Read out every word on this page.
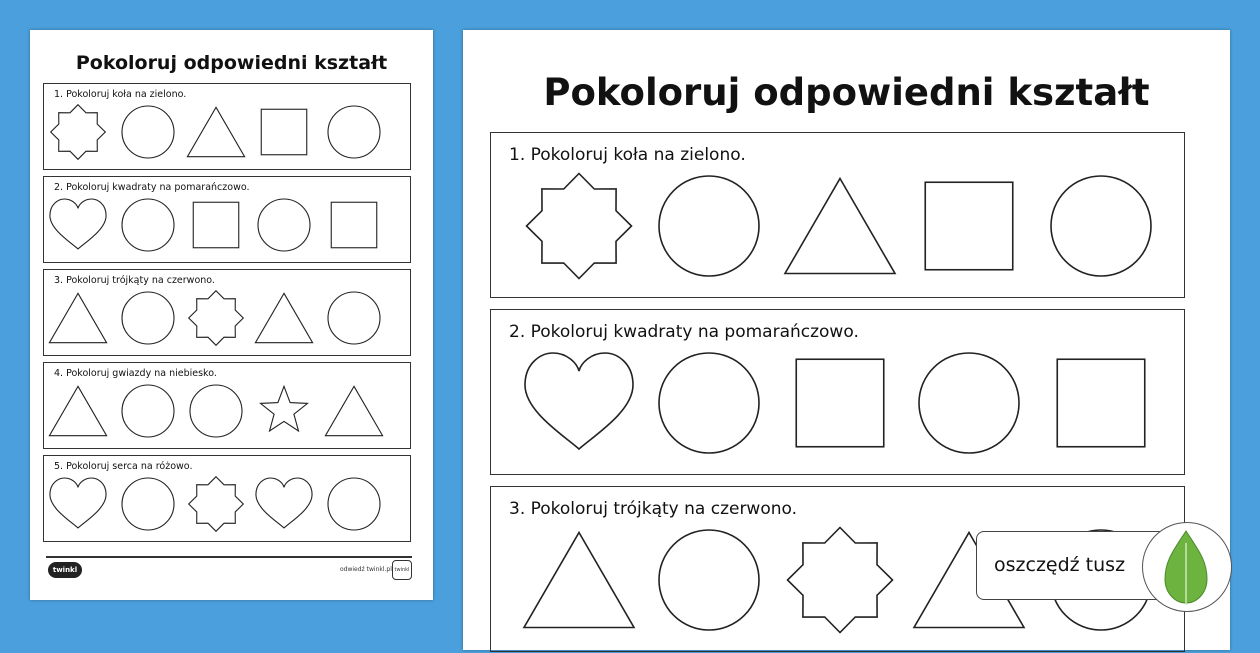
Pokoloruj odpowiedni kształt
1. Pokoloruj koła na zielono.
2. Pokoloruj kwadraty na pomarańczowo.
3. Pokoloruj trójkąty na czerwono.
4. Pokoloruj gwiazdy na niebiesko.
5. Pokoloruj serca na różowo.
twinkl	odwiedź twinkl.pl twinkl
Pokoloruj odpowiedni kształt
1. Pokoloruj koła na zielono.
2. Pokoloruj kwadraty na pomarańczowo.
3. Pokoloruj trójkąty na czerwono.
oszczędź tusz
